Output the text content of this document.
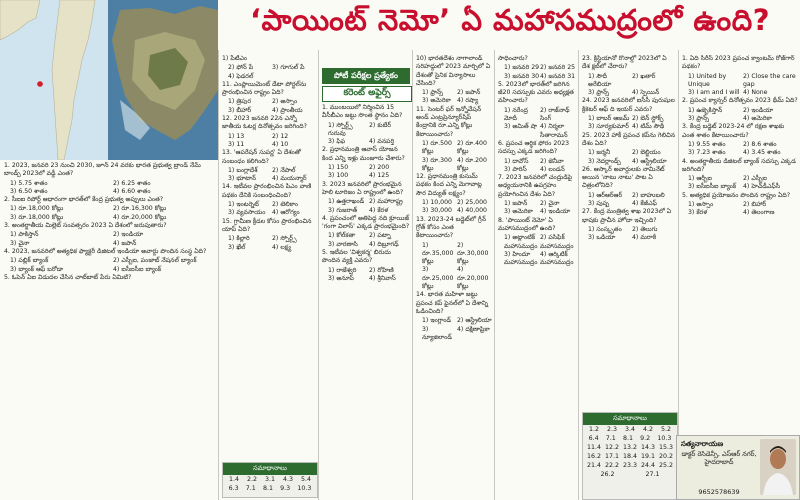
‘పాయింట్ నెమో’ ఏ మహాసముద్రంలో ఉంది?
పోటీ పరీక్షల ప్రత్యేకం
కరెంట్ అఫైర్స్
1. 2023, జనవరి 23 నుంచి 2030, జూన్ 24 వరకు భారత ప్రభుత్వ బ్రాండ్ నేమ్ బాండ్స్ 2023లో వడ్డీ ఎంత?
1) 5.75 శాతం	2) 6.25 శాతం
3) 6.50 శాతం	4) 6.60 శాతం
2. సీఐఐ రిపోర్ట్ ఆధారంగా భారత్‌లో కేంద్ర ప్రభుత్వ అప్పులు ఎంత?
1) రూ.18,000 కోట్లు	2) రూ.16,300 కోట్లు
3) రూ.18,000 కోట్లు	4) రూ.20,000 కోట్లు
3. అంతర్జాతీయ మిల్లెట్ సంవత్సరం 2023 ఏ దేశంలో జరుపుతారు?
1) పాకిస్తాన్	2) ఇండియా
3) చైనా	4) జపాన్
4. 2023, జనవరిలో అత్యధిక ఫ్యాక్టరీ డిజిటల్ ఇండియా అవార్డు పొందిన సంస్థ ఏది?
1) పబ్లిక్ బ్యాంక్	2) ఎస్బీఐ, పంజాబ్ నేషనల్ బ్యాంక్
3) బ్యాంక్ ఆఫ్ బరోడా	4) ఐసీఐసీఐ బ్యాంక్
5. ఓపెన్ ఏఐ విడుదల చేసిన చాట్‌బాట్ పేరు ఏమిటి?
1) పేటీఎం
2) ఫోన్ పే	3) గూగుల్ పే
4) ఫెడరల్
11. ఎంప్లాయిమెంట్ డేటా పోర్టల్‌ను ప్రారంభించిన రాష్ట్రం ఏది?
1) త్రిపుర	2) అస్సాం
3) బీహార్	4) ప్రాంతీయ
12. 2023 జనవరి 22న ఎన్నో జాతీయ ఓటర్ల దినోత్సవం జరిగింది?
1) 13	2) 12
3) 11	4) 10
13. 'ఆపరేషన్ సుపర్ణ' ఏ దేశంతో సంబంధం కలిగింది?
1) బంగ్లాదేశ్	2) నేపాల్
3) భూటాన్	4) మయన్మార్
14. ఇటీవల ప్రారంభించిన పిఎం వాణి పథకం దేనికి సంబంధించింది?
1) ఇంటర్నెట్	2) టెలికాం
3) వ్యవసాయం	4) ఆరోగ్యం
15. గ్రామీణ క్రీడల కోసం ప్రారంభించిన యాప్ ఏది?
1) కిల్లారి	2) స్పోర్ట్స్
3) ఖేల్	4) లక్ష్య
1. ముంబయిలో నిర్మించిన 15 వీసీబీఎం జట్టు సొంత స్థానం ఏది?
1) స్పోర్ట్స్ గురువు
2) కుబేర్
3) ఫిఫ	4) వనపర్తి
2. ప్రధానమంత్రి ఆవాస్ యోజన కింద ఎన్ని ఇళ్లు మంజూరు చేశారు?
1) 150	2) 200
3) 100	4) 125
3. 2023 జనవరిలో ప్రారంభమైన హెలి టూరిజం ఏ రాష్ట్రంలో ఉంది?
1) ఉత్తరాఖండ్ 2) మహారాష్ట్ర
3) గుజరాత్	4) కేరళ
4. ప్రపంచంలో అతిపెద్ద నది క్రూయిజ్ 'గంగా విలాస్' ఎక్కడ ప్రారంభమైంది?
1) కోల్‌కతా	2) పట్నా
3) వారణాసి	4) దిబ్రూగఢ్
5. ఇటీవల 'విశ్వకర్మ' బిరుదు పొందిన వ్యక్తి ఎవరు?
1) రాజేశ్వరి	2) రోహిణి
3) అనూప్	4) శ్రీనివాస్
10) భారతదేశం నాగాలాండ్ సరిహద్దులో 2023 మార్చిలో ఏ దేశంతో సైనిక విన్యాసాలు చేసింది?
1) ఫ్రాన్స్	2) జపాన్
3) అమెరికా 4) రష్యా
11. సెంటర్ ఫర్ ఇన్నోవేషన్ అండ్ ఎంట్రప్రెన్యూర్‌షిప్ కేంద్రానికి రూ.ఎన్ని కోట్లు కేటాయించారు?
1) రూ.500 కోట్లు
2) రూ.400 కోట్లు
3) రూ.300 కోట్లు
4) రూ.200 కోట్లు
12. ప్రధానమంత్రి కుసుమ్ పథకం కింద ఎన్ని మెగావాట్ల సౌర విద్యుత్ లక్ష్యం?
1) 10,000 2) 25,000
3) 30,000 4) 40,000
13. 2023-24 బడ్జెట్‌లో గ్రీన్ గ్రోత్ కోసం ఎంత కేటాయించారు?
1) రూ.35,000 కోట్లు
2) రూ.30,000 కోట్లు
3) రూ.25,000 కోట్లు
4) రూ.20,000 కోట్లు
14. భారత మహిళా జట్టు ప్రపంచ కప్ ఫైనల్‌లో ఏ దేశాన్ని ఓడించింది?
1) ఇంగ్లాండ్ 2) ఆస్ట్రేలియా
3) న్యూజిలాండ్
4) దక్షిణాఫ్రికా
సాధించారు?
1) జనవరి 29 2) జనవరి 25
3) జనవరి 30 4) జనవరి 31
5. 2023లో భారత్‌లో జరిగిన జీ20 సదస్సుకు ఎవరు అధ్యక్షత వహించారు?
1) నరేంద్ర మోదీ
2) రాజ్‌నాథ్ సింగ్
3) అమిత్ షా 4) నిర్మలా సీతారామన్
6. ప్రపంచ ఆర్థిక ఫోరం 2023 సదస్సు ఎక్కడ జరిగింది?
1) దావోస్	2) జెనీవా
3) పారిస్	4) లండన్
7. 2023 జనవరిలో చంద్రుడిపై అధ్యయనానికి ఉపగ్రహం ప్రయోగించిన దేశం ఏది?
1) జపాన్	2) చైనా
3) అమెరికా	4) ఇండియా
8. 'పాయింట్ నెమో' ఏ మహాసముద్రంలో ఉంది?
1) అట్లాంటిక్ మహాసముద్రం
2) పసిఫిక్ మహాసముద్రం
3) హిందూ మహాసముద్రం
4) ఆర్కిటిక్ మహాసముద్రం
23. క్రిస్టియానో రొనాల్డో 2023లో ఏ దేశ క్లబ్‌లో చేరారు?
1) సౌదీ అరేబియా
2) ఖతార్
3) ఫ్రాన్స్	4) స్పెయిన్
24. 2023 జనవరిలో ఐసీసీ పురుషుల క్రికెటర్ ఆఫ్ ది ఇయర్ ఎవరు?
1) బాబర్ ఆజమ్ 2) బెన్ స్టోక్స్
3) సూర్యకుమార్ 4) టిమ్ సౌథీ
25. 2023 హాకీ ప్రపంచ కప్‌ను గెలిచిన దేశం ఏది?
1) జర్మనీ	2) బెల్జియం
3) నెదర్లాండ్స్	4) ఆస్ట్రేలియా
26. ఆస్కార్ అవార్డులకు నామినేట్ అయిన 'నాటు నాటు' పాట ఏ చిత్రంలోనిది?
1) ఆర్ఆర్ఆర్	2) బాహుబలి
3) పుష్ప	4) కేజీఎఫ్
27. కేంద్ర మంత్రిత్వ శాఖ 2023లో ఏ భాషకు ప్రాచీన హోదా ఇచ్చింది?
1) సంస్కృతం	2) తెలుగు
3) ఒడియా	4) మరాఠీ
1. ఏది సిరీస్ 2023 ప్రపంచ క్వాంటమ్ రోజ్‌గార్ పథకం?
1) United by Unique
2) Close the care gap
3) I am and I will 4) None
2. ప్రపంచ క్యాన్సర్ దినోత్సవం 2023 థీమ్ ఏది?
1) ఉజ్బెకిస్తాన్	2) ఇండియా
3) ఫ్రాన్స్	4) అమెరికా
3. కేంద్ర బడ్జెట్ 2023-24 లో రక్షణ శాఖకు ఎంత శాతం కేటాయించారు?
1) 9.55 శాతం	2) 8.6 శాతం
3) 7.23 శాతం	4) 3.45 శాతం
4. అంతర్జాతీయ డిజిటల్ బ్యాంక్ సదస్సు ఎక్కడ జరిగింది?
1) ఆర్బీఐ	2) ఎస్బీఐ
3) ఐసీఐసీఐ బ్యాంక్	4) హెచ్‌డీఎఫ్‌సీ
5. అత్యధిక ప్రయోజనం పొందిన రాష్ట్రం ఏది?
1) అస్సాం	2) బిహార్
3) కేరళ	4) తెలంగాణ
సమాధానాలు
1.4 2.2 3.1 4.3 5.4
6.3 7.1 8.1 9.3 10.3
సమాధానాలు
1.2 2.3 3.4 4.2 5.2
6.4 7.1 8.1 9.2 10.3
11.4 12.2 13.2 14.3 15.3
16.2 17.1 18.4 19.1 20.2
21.4 22.2 23.3 24.4 25.2
26.2	27.1
సత్యనారాయణ
డాక్టర్ రెసిడెన్సీ, ఎస్‌ఆర్ నగర్, హైదరాబాద్
9652578639
